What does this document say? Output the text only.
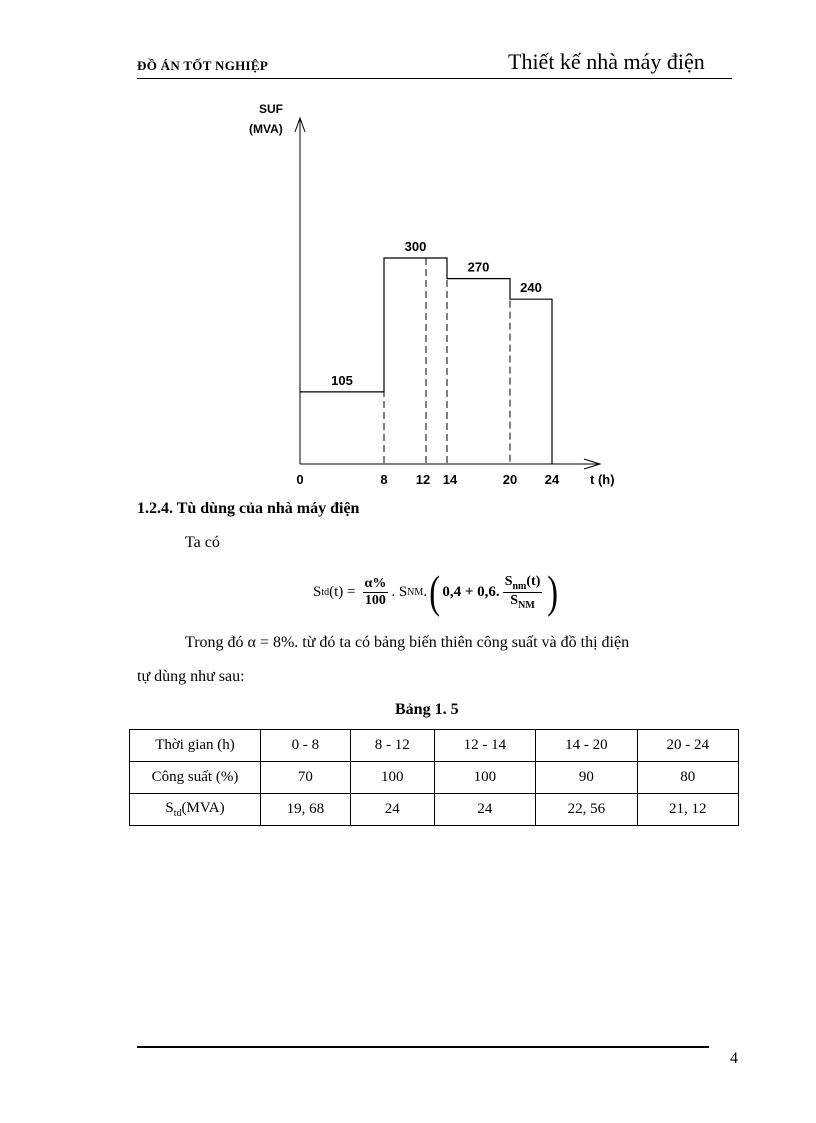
ĐỒ ÁN TỐT NGHIỆP	Thiết kế nhà máy điện
SUF
(MVA)
105
300
270
240
0	8 12 14	20 24 t (h)
1.2.4. Tù dùng của nhà máy điện
Ta có
S td $(t) = \frac{\alpha\%}{100}$ . S NM . ( 0,4 + 0,6. $\frac{S_{nm}(t)}{S_{NM}}$ )
Trong đó α = 8%. từ đó ta có bảng biến thiên công suất và đồ thị điện
tự dùng như sau:
Bảng 1. 5
Thời gian (h)	0 - 8	8 - 12	12 - 14	14 - 20	20 - 24
Công suất (%)	70	100	100	90	80
$S_{td}(MVA)$	19, 68	24	24	22, 56	21, 12
4
